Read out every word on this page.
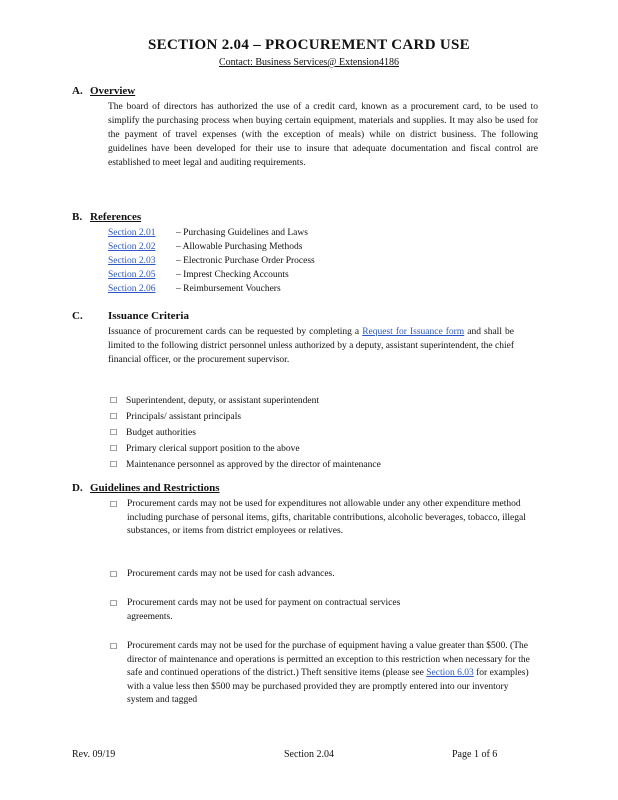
SECTION 2.04 – PROCUREMENT CARD USE
Contact: Business Services@ Extension4186
A. Overview
The board of directors has authorized the use of a credit card, known as a procurement card, to be used to simplify the purchasing process when buying certain equipment, materials and supplies. It may also be used for the payment of travel expenses (with the exception of meals) while on district business. The following guidelines have been developed for their use to insure that adequate documentation and fiscal control are established to meet legal and auditing requirements.
B. References
Section 2.01 – Purchasing Guidelines and Laws
Section 2.02 – Allowable Purchasing Methods
Section 2.03 – Electronic Purchase Order Process
Section 2.05 – Imprest Checking Accounts
Section 2.06 – Reimbursement Vouchers
C. Issuance Criteria
Issuance of procurement cards can be requested by completing a Request for Issuance form and shall be limited to the following district personnel unless authorized by a deputy, assistant superintendent, the chief financial officer, or the procurement supervisor.
☐ Superintendent, deputy, or assistant superintendent
☐ Principals/ assistant principals
☐ Budget authorities
☐ Primary clerical support position to the above
☐ Maintenance personnel as approved by the director of maintenance
D. Guidelines and Restrictions
☐ Procurement cards may not be used for expenditures not allowable under any other expenditure method including purchase of personal items, gifts, charitable contributions, alcoholic beverages, tobacco, illegal substances, or items from district employees or relatives.
☐ Procurement cards may not be used for cash advances.
☐ Procurement cards may not be used for payment on contractual services agreements.
☐ Procurement cards may not be used for the purchase of equipment having a value greater than $500. (The director of maintenance and operations is permitted an exception to this restriction when necessary for the safe and continued operations of the district.) Theft sensitive items (please see Section 6.03 for examples) with a value less then $500 may be purchased provided they are promptly entered into our inventory system and tagged
Rev. 09/19	Section 2.04	Page 1 of 6
